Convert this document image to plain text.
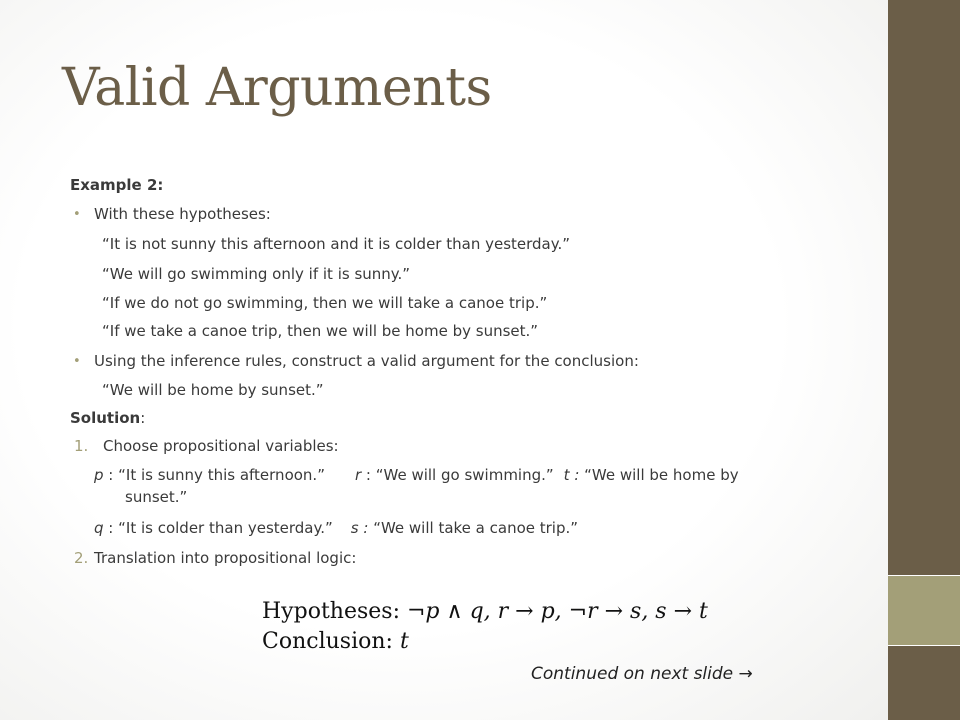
Valid Arguments
Example 2:
• With these hypotheses:
“It is not sunny this afternoon and it is colder than yesterday.”
“We will go swimming only if it is sunny.”
“If we do not go swimming, then we will take a canoe trip.”
“If we take a canoe trip, then we will be home by sunset.”
• Using the inference rules, construct a valid argument for the conclusion:
“We will be home by sunset.”
Solution:
1. Choose propositional variables:
p : “It is sunny this afternoon.” r : “We will go swimming.” t : “We will be home by
sunset.”
q : “It is colder than yesterday.” s : “We will take a canoe trip.”
2. Translation into propositional logic:
Hypotheses: ¬p ∧ q, r → p, ¬r → s, s → t
Conclusion: t
Continued on next slide →
